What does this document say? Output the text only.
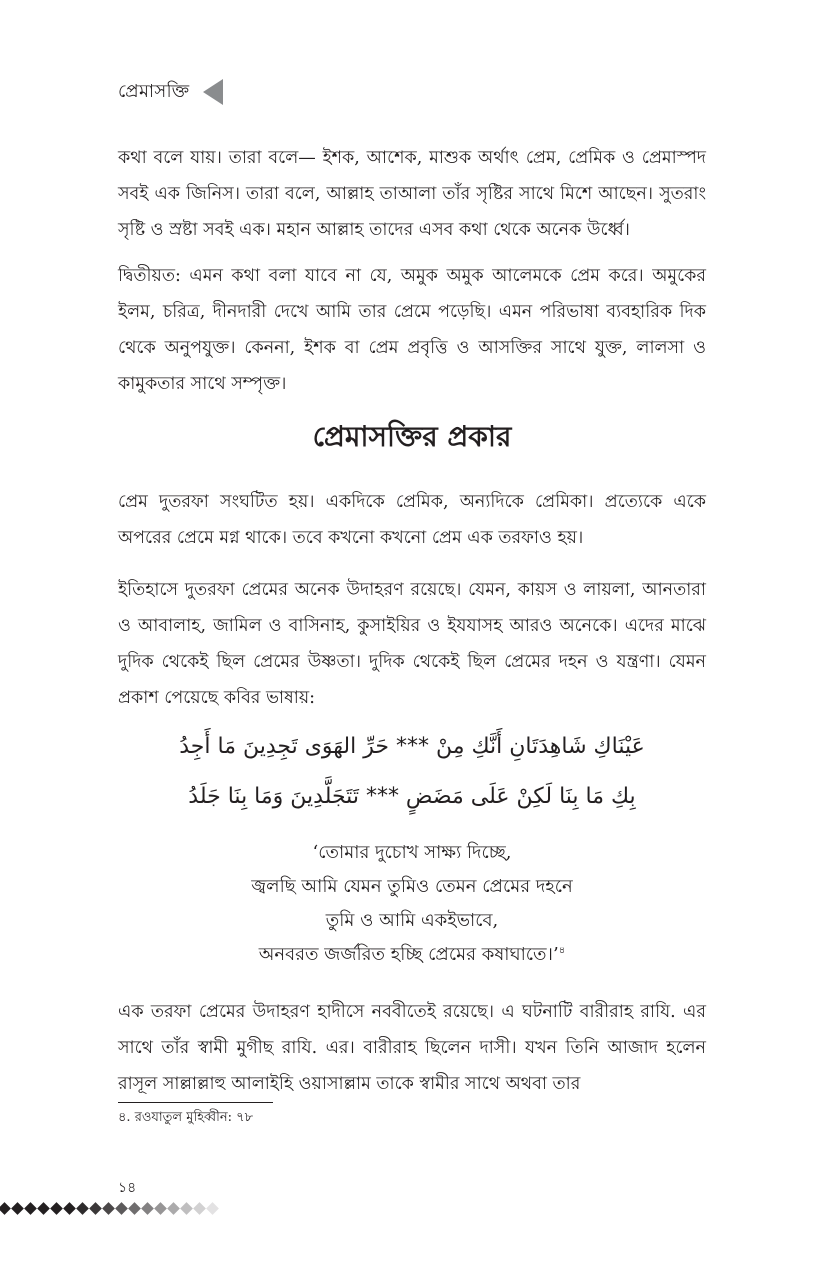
প্রেমাসক্তি

কথা বলে যায়। তারা বলে— ইশক, আশেক, মাশুক অর্থাৎ প্রেম, প্রেমিক ও প্রেমাস্পদ সবই এক জিনিস। তারা বলে, আল্লাহ তাআলা তাঁর সৃষ্টির সাথে মিশে আছেন। সুতরাং সৃষ্টি ও স্রষ্টা সবই এক। মহান আল্লাহ তাদের এসব কথা থেকে অনেক উর্ধ্বে।

দ্বিতীয়ত: এমন কথা বলা যাবে না যে, অমুক অমুক আলেমকে প্রেম করে। অমুকের ইলম, চরিত্র, দীনদারী দেখে আমি তার প্রেমে পড়েছি। এমন পরিভাষা ব্যবহারিক দিক থেকে অনুপযুক্ত। কেননা, ইশক বা প্রেম প্রবৃত্তি ও আসক্তির সাথে যুক্ত, লালসা ও কামুকতার সাথে সম্পৃক্ত।

প্রেমাসক্তির প্রকার

প্রেম দুতরফা সংঘটিত হয়। একদিকে প্রেমিক, অন্যদিকে প্রেমিকা। প্রত্যেকে একে অপরের প্রেমে মগ্ন থাকে। তবে কখনো কখনো প্রেম এক তরফাও হয়।

ইতিহাসে দুতরফা প্রেমের অনেক উদাহরণ রয়েছে। যেমন, কায়স ও লায়লা, আনতারা ও আবালাহ, জামিল ও বাসিনাহ, কুসাইয়ির ও ইযযাসহ আরও অনেকে। এদের মাঝে দুদিক থেকেই ছিল প্রেমের উষ্ণতা। দুদিক থেকেই ছিল প্রেমের দহন ও যন্ত্রণা। যেমন প্রকাশ পেয়েছে কবির ভাষায়:

عَيْنَاكِ شَاهِدَتَانِ أَنَّكِ مِنْ *** حَرِّ الهَوَى تَجِدِينَ مَا أَجِدُ

بِكِ مَا بِنَا لَكِنْ عَلَى مَضَضٍ *** تَتَجَلَّدِينَ وَمَا بِنَا جَلَدُ

‘তোমার দুচোখ সাক্ষ্য দিচ্ছে,

জ্বলছি আমি যেমন তুমিও তেমন প্রেমের দহনে

তুমি ও আমি একইভাবে,

অনবরত জর্জরিত হচ্ছি প্রেমের কষাঘাতে।’$^৪$

এক তরফা প্রেমের উদাহরণ হাদীসে নববীতেই রয়েছে। এ ঘটনাটি বারীরাহ রাযি. এর সাথে তাঁর স্বামী মুগীছ রাযি. এর। বারীরাহ ছিলেন দাসী। যখন তিনি আজাদ হলেন রাসূল সাল্লাল্লাহু আলাইহি ওয়াসাল্লাম তাকে স্বামীর সাথে অথবা তার

৪. রওযাতুল মুহিব্বীন: ৭৮
১৪
